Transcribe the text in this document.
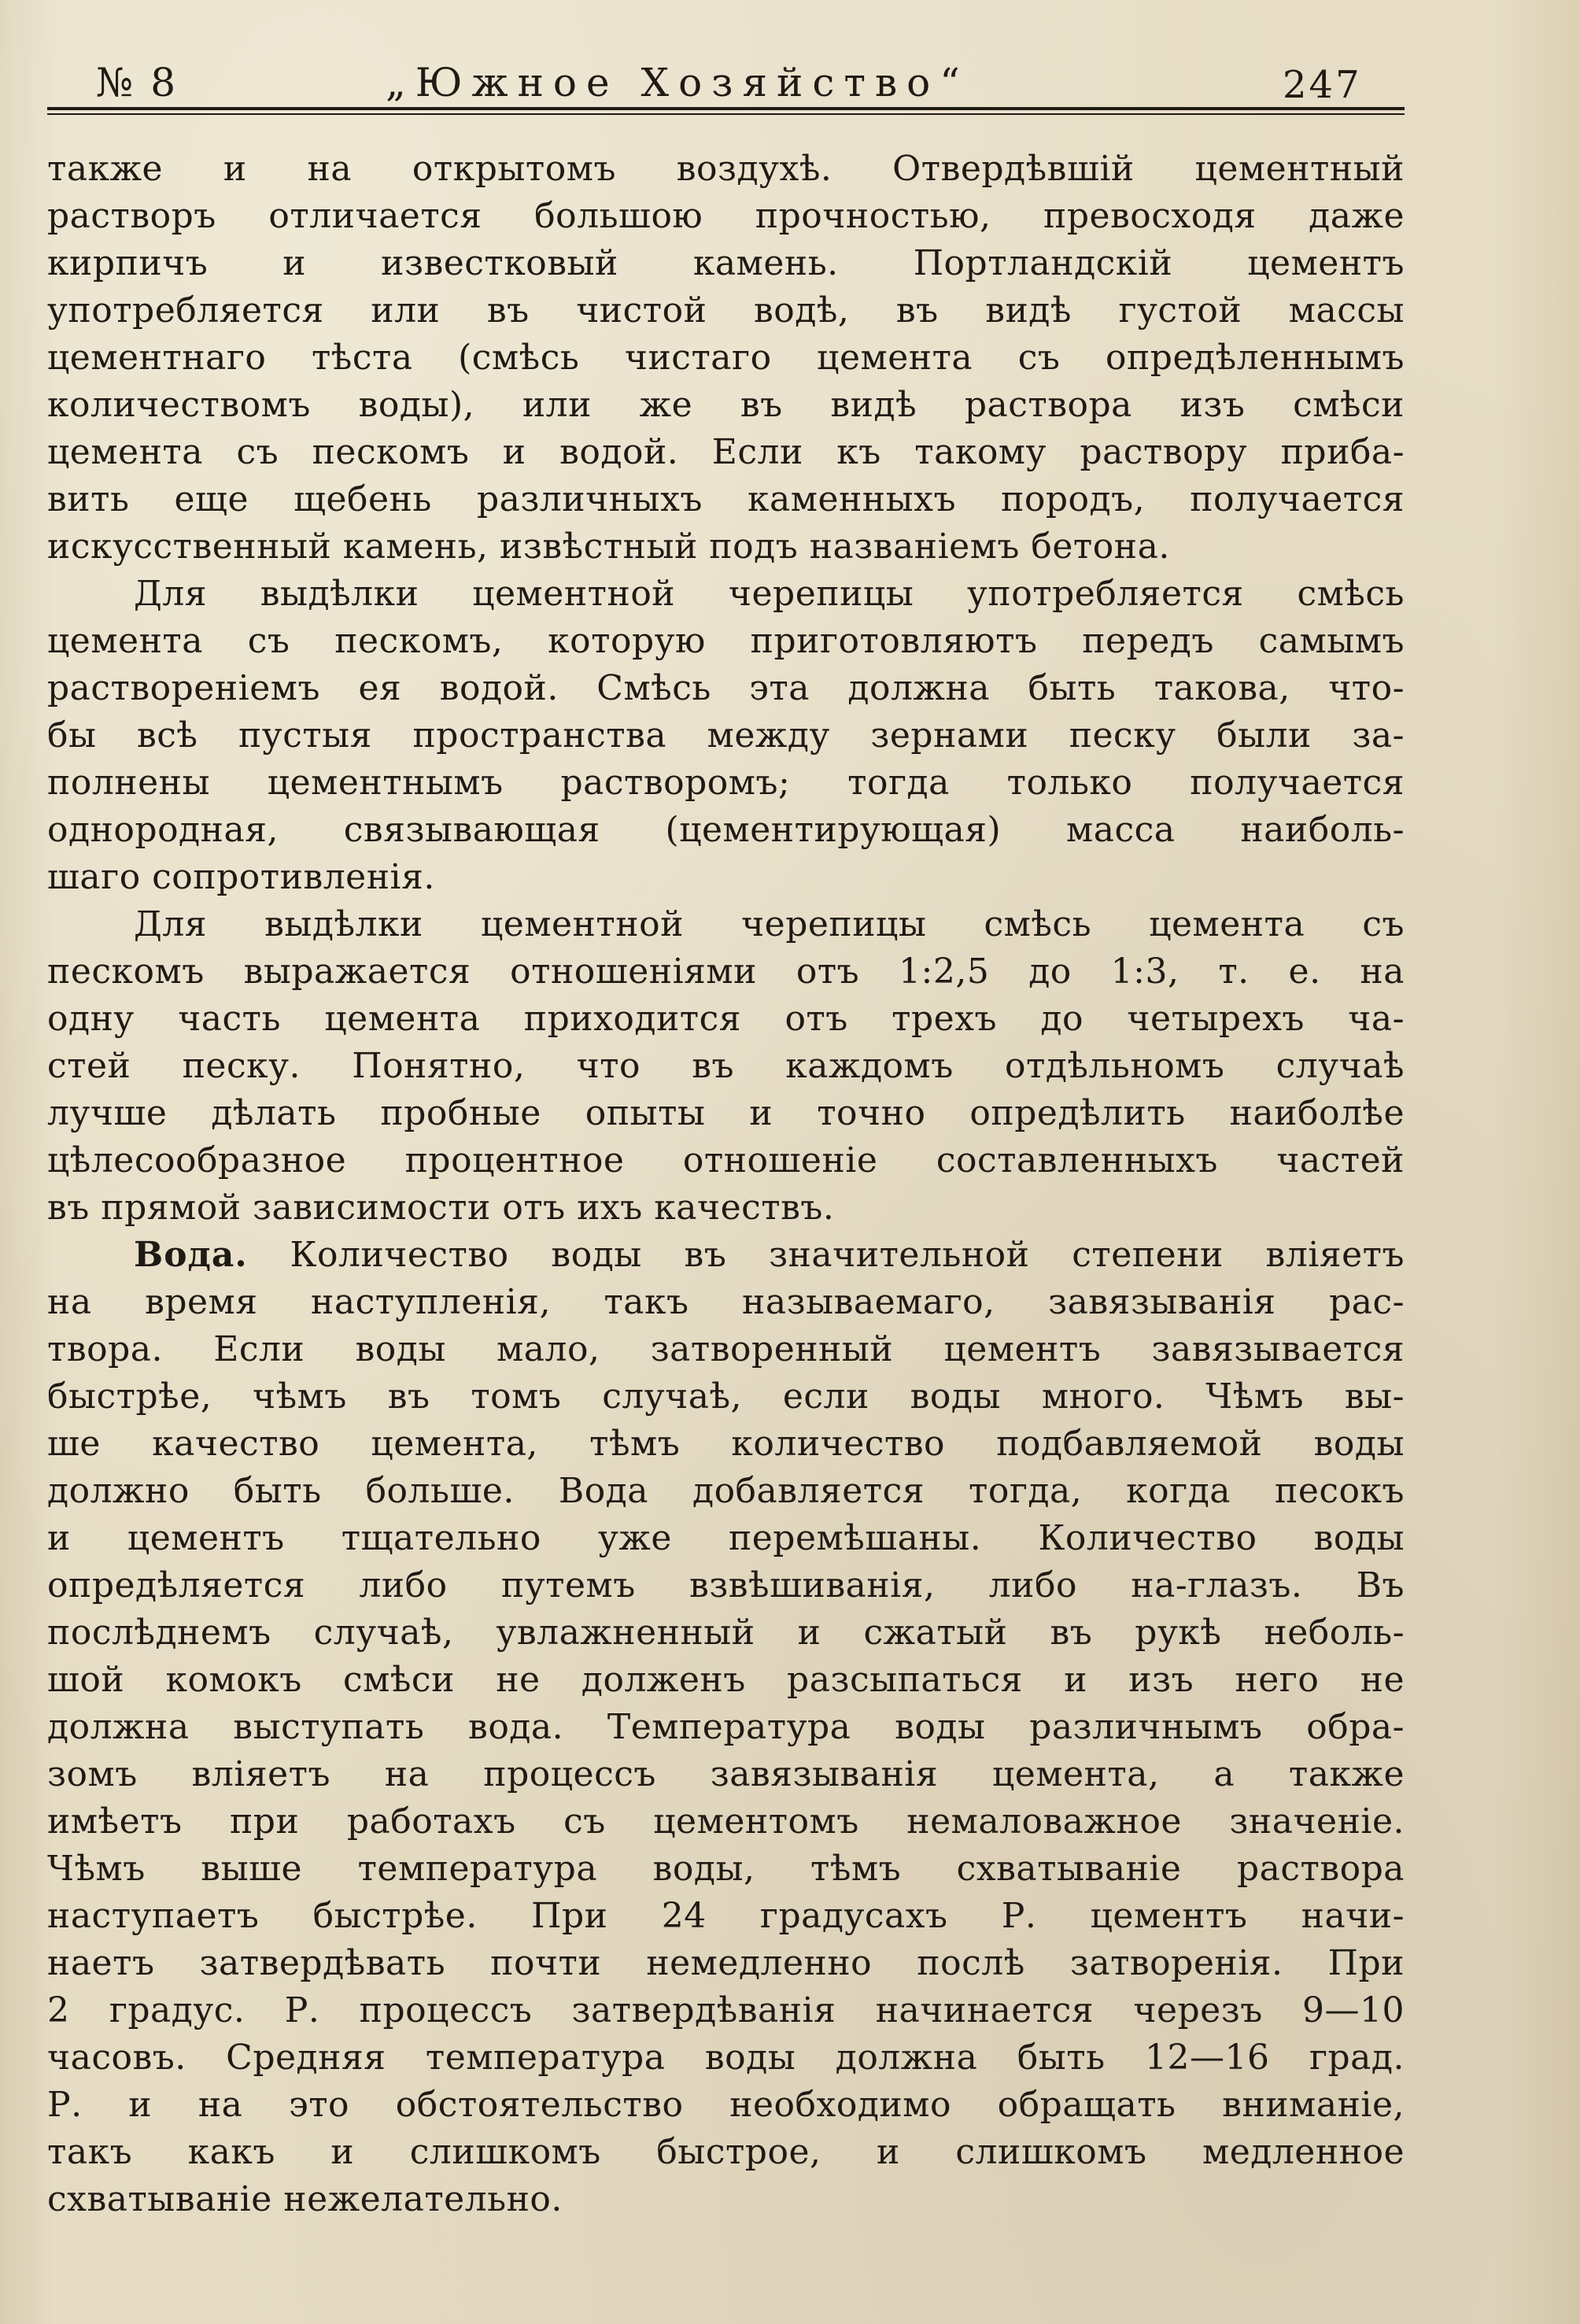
№ 8	„Южное Хозяйство“	247
также и на открытомъ воздухѣ. Отвердѣвшій цементный
растворъ отличается большою прочностью, превосходя даже
кирпичъ и известковый камень. Портландскій цементъ
употребляется или въ чистой водѣ, въ видѣ густой массы
цементнаго тѣста (смѣсь чистаго цемента съ опредѣленнымъ
количествомъ воды), или же въ видѣ раствора изъ смѣси
цемента съ пескомъ и водой. Если къ такому раствору приба-
вить еще щебень различныхъ каменныхъ породъ, получается
искусственный камень, извѣстный подъ названіемъ бетона.
Для выдѣлки цементной черепицы употребляется смѣсь
цемента съ пескомъ, которую приготовляютъ передъ самымъ
раствореніемъ ея водой. Смѣсь эта должна быть такова, что-
бы всѣ пустыя пространства между зернами песку были за-
полнены цементнымъ растворомъ; тогда только получается
однородная, связывающая (цементирующая) масса наиболь-
шаго сопротивленія.
Для выдѣлки цементной черепицы смѣсь цемента съ
пескомъ выражается отношеніями отъ 1:2,5 до 1:3, т. е. на
одну часть цемента приходится отъ трехъ до четырехъ ча-
стей песку. Понятно, что въ каждомъ отдѣльномъ случаѣ
лучше дѣлать пробные опыты и точно опредѣлить наиболѣе
цѣлесообразное процентное отношеніе составленныхъ частей
въ прямой зависимости отъ ихъ качествъ.
Вода. Количество воды въ значительной степени вліяетъ
на время наступленія, такъ называемаго, завязыванія рас-
твора. Если воды мало, затворенный цементъ завязывается
быстрѣе, чѣмъ въ томъ случаѣ, если воды много. Чѣмъ вы-
ше качество цемента, тѣмъ количество подбавляемой воды
должно быть больше. Вода добавляется тогда, когда песокъ
и цементъ тщательно уже перемѣшаны. Количество воды
опредѣляется либо путемъ взвѣшиванія, либо на-глазъ. Въ
послѣднемъ случаѣ, увлажненный и сжатый въ рукѣ неболь-
шой комокъ смѣси не долженъ разсыпаться и изъ него не
должна выступать вода. Температура воды различнымъ обра-
зомъ вліяетъ на процессъ завязыванія цемента, а также
имѣетъ при работахъ съ цементомъ немаловажное значеніе.
Чѣмъ выше температура воды, тѣмъ схватываніе раствора
наступаетъ быстрѣе. При 24 градусахъ Р. цементъ начи-
наетъ затвердѣвать почти немедленно послѣ затворенія. При
2 градус. Р. процессъ затвердѣванія начинается черезъ 9—10
часовъ. Средняя температура воды должна быть 12—16 град.
Р. и на это обстоятельство необходимо обращать вниманіе,
такъ какъ и слишкомъ быстрое, и слишкомъ медленное
схватываніе нежелательно.
